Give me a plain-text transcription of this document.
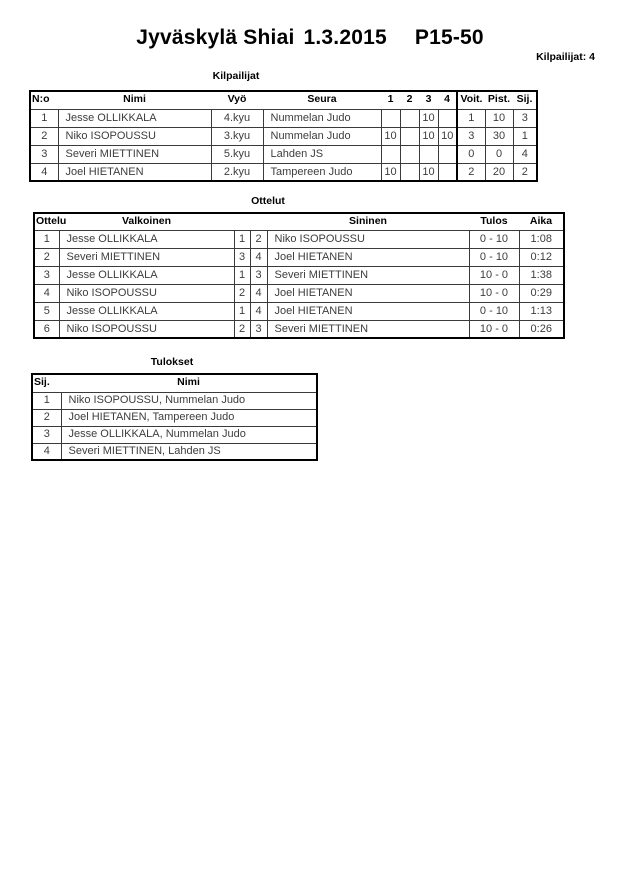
Jyväskylä Shiai 1.3.2015 P15-50
Kilpailijat: 4
Kilpailijat
N:o	Nimi	Vyö	Seura	1	2	3	4	Voit.	Pist.	Sij.
1	Jesse OLLIKKALA	4.kyu	Nummelan Judo			10		1	10	3
2	Niko ISOPOUSSU	3.kyu	Nummelan Judo	10		10	10	3	30	1
3	Severi MIETTINEN	5.kyu	Lahden JS					0	0	4
4	Joel HIETANEN	2.kyu	Tampereen Judo	10		10		2	20	2
Ottelut
Ottelu	Valkoinen			Sininen	Tulos	Aika
1	Jesse OLLIKKALA	1	2	Niko ISOPOUSSU	0 - 10	1:08
2	Severi MIETTINEN	3	4	Joel HIETANEN	0 - 10	0:12
3	Jesse OLLIKKALA	1	3	Severi MIETTINEN	10 - 0	1:38
4	Niko ISOPOUSSU	2	4	Joel HIETANEN	10 - 0	0:29
5	Jesse OLLIKKALA	1	4	Joel HIETANEN	0 - 10	1:13
6	Niko ISOPOUSSU	2	3	Severi MIETTINEN	10 - 0	0:26
Tulokset
Sij.	Nimi
1	Niko ISOPOUSSU, Nummelan Judo
2	Joel HIETANEN, Tampereen Judo
3	Jesse OLLIKKALA, Nummelan Judo
4	Severi MIETTINEN, Lahden JS
